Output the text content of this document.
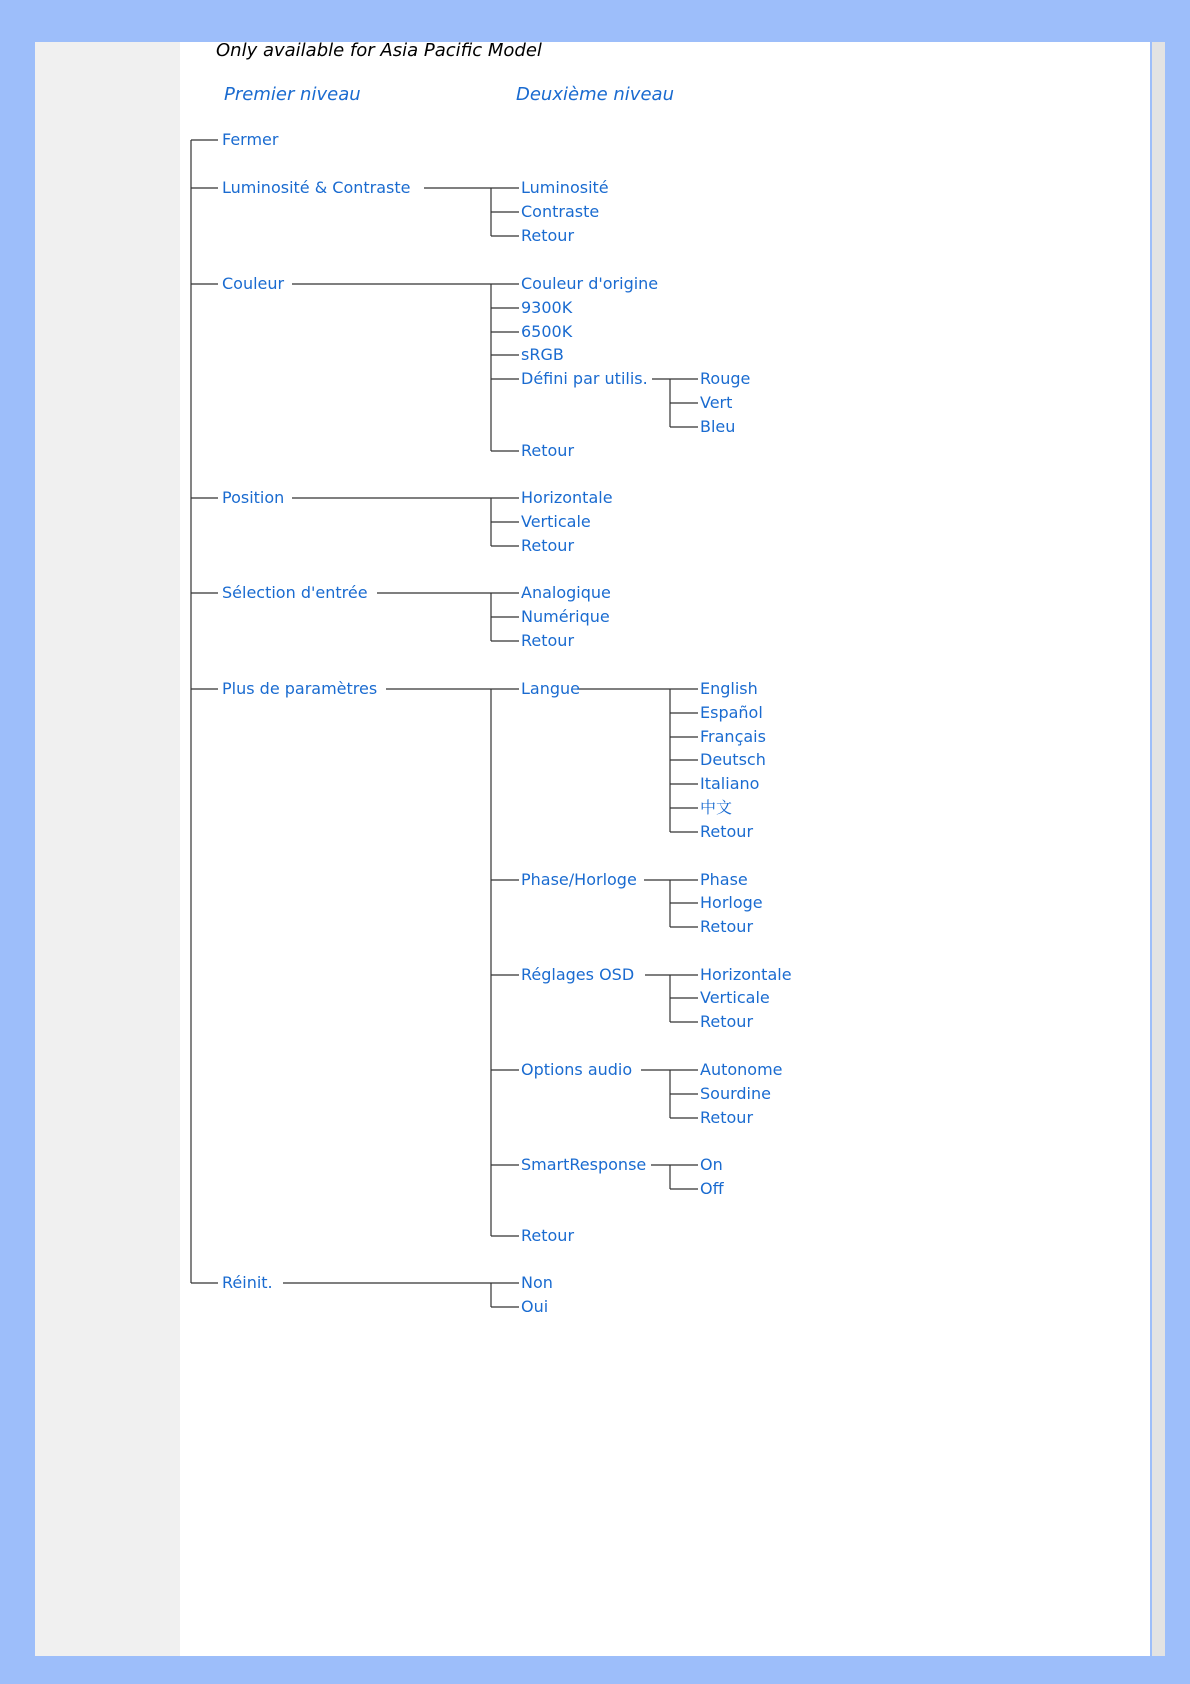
Only available for Asia Pacific Model
Premier niveau	Deuxième niveau
Fermer
Luminosité & Contraste
Couleur
Position
Sélection d'entrée
Plus de paramètres
Réinit.
Luminosité
Contraste
Retour
Couleur d'origine
9300K
6500K
sRGB
Défini par utilis.
Retour
Rouge
Vert
Bleu
Horizontale
Verticale
Retour
Analogique
Numérique
Retour
Langue
Phase/Horloge
Réglages OSD
Options audio
SmartResponse
Retour
English
Español
Français
Deutsch
Italiano
中文
Retour
Phase
Horloge
Retour
Horizontale
Verticale
Retour
Autonome
Sourdine
Retour
On
Off
Non
Oui
